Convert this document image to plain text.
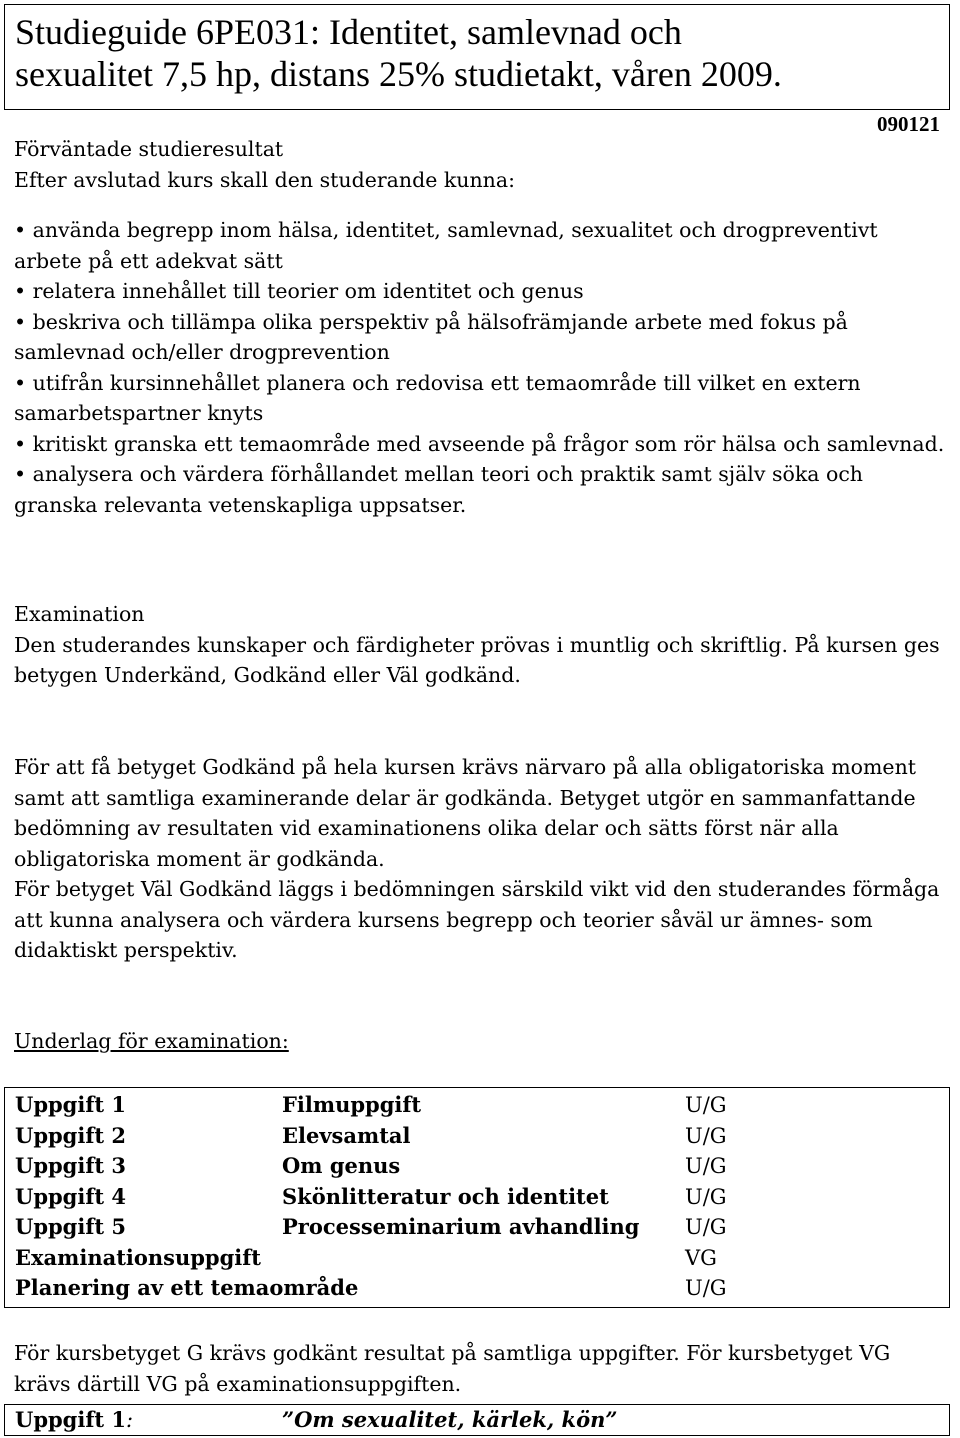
Studieguide 6PE031: Identitet, samlevnad och
sexualitet 7,5 hp, distans 25% studietakt, våren 2009.
090121

Förväntade studieresultat

Efter avslutad kurs skall den studerande kunna:

• använda begrepp inom hälsa, identitet, samlevnad, sexualitet och drogpreventivt arbete på ett adekvat sätt
• relatera innehållet till teorier om identitet och genus
• beskriva och tillämpa olika perspektiv på hälsofrämjande arbete med fokus på samlevnad och/eller drogprevention
• utifrån kursinnehållet planera och redovisa ett temaområde till vilket en extern samarbetspartner knyts
• kritiskt granska ett temaområde med avseende på frågor som rör hälsa och samlevnad.
• analysera och värdera förhållandet mellan teori och praktik samt själv söka och granska relevanta vetenskapliga uppsatser.

Examination

Den studerandes kunskaper och färdigheter prövas i muntlig och skriftlig. På kursen ges betygen Underkänd, Godkänd eller Väl godkänd.

För att få betyget Godkänd på hela kursen krävs närvaro på alla obligatoriska moment samt att samtliga examinerande delar är godkända. Betyget utgör en sammanfattande bedömning av resultaten vid examinationens olika delar och sätts först när alla obligatoriska moment är godkända.

För betyget Väl Godkänd läggs i bedömningen särskild vikt vid den studerandes förmåga att kunna analysera och värdera kursens begrepp och teorier såväl ur ämnes- som didaktiskt perspektiv.

Underlag för examination:

Uppgift 1	Filmuppgift	U/G
Uppgift 2	Elevsamtal	U/G
Uppgift 3	Om genus	U/G
Uppgift 4	Skönlitteratur och identitet	U/G
Uppgift 5	Processeminarium avhandling U/G
Examinationsuppgift	VG
Planering av ett temaområde	U/G

För kursbetyget G krävs godkänt resultat på samtliga uppgifter. För kursbetyget VG krävs därtill VG på examinationsuppgiften.

Uppgift 1:	”Om sexualitet, kärlek, kön”
